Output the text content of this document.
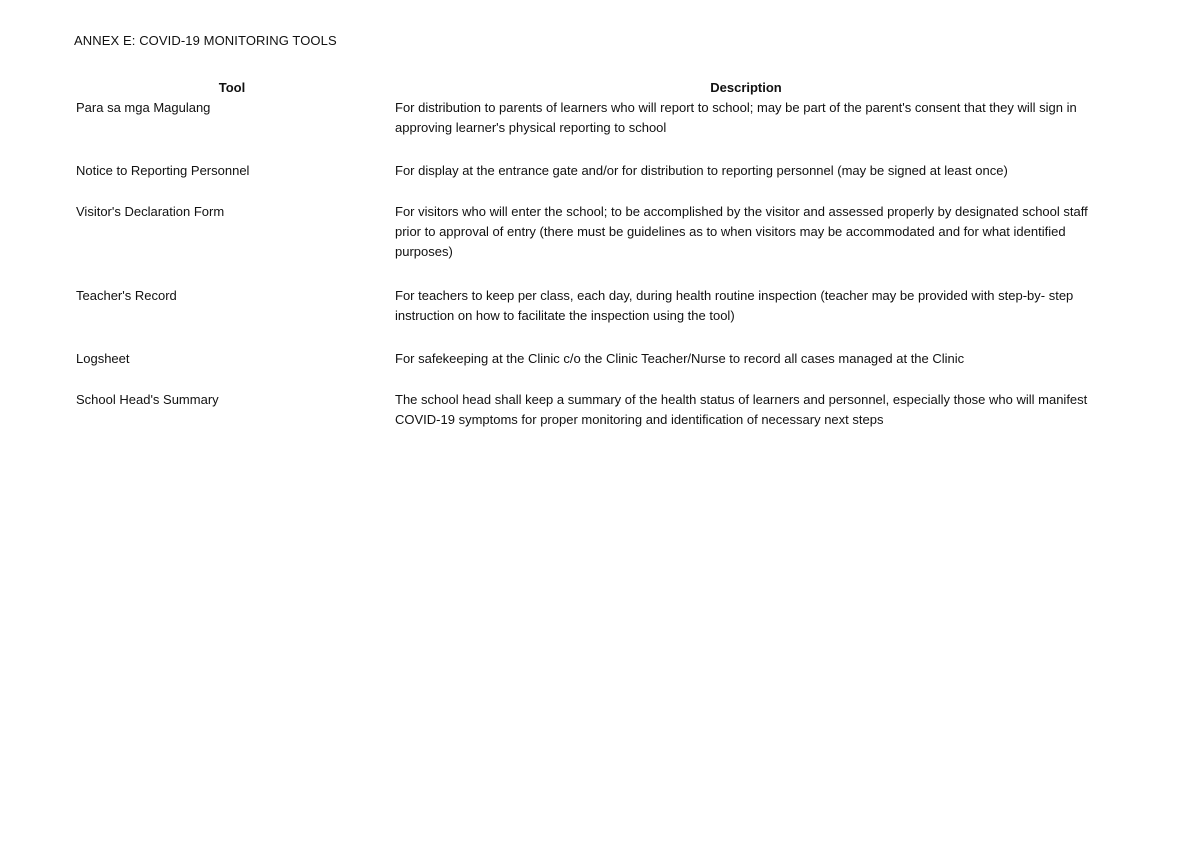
ANNEX E: COVID-19 MONITORING TOOLS
Tool	Description
Para sa mga Magulang	For distribution to parents of learners who will report to school; may be part of the parent's consent that they will sign in approving learner's physical reporting to school
Notice to Reporting Personnel	For display at the entrance gate and/or for distribution to reporting personnel (may be signed at least once)
Visitor's Declaration Form	For visitors who will enter the school; to be accomplished by the visitor and assessed properly by designated school staff prior to approval of entry (there must be guidelines as to when visitors may be accommodated and for what identified purposes)
Teacher's Record	For teachers to keep per class, each day, during health routine inspection (teacher may be provided with step-by- step instruction on how to facilitate the inspection using the tool)
Logsheet	For safekeeping at the Clinic c/o the Clinic Teacher/Nurse to record all cases managed at the Clinic
School Head's Summary	The school head shall keep a summary of the health status of learners and personnel, especially those who will manifest COVID-19 symptoms for proper monitoring and identification of necessary next steps
